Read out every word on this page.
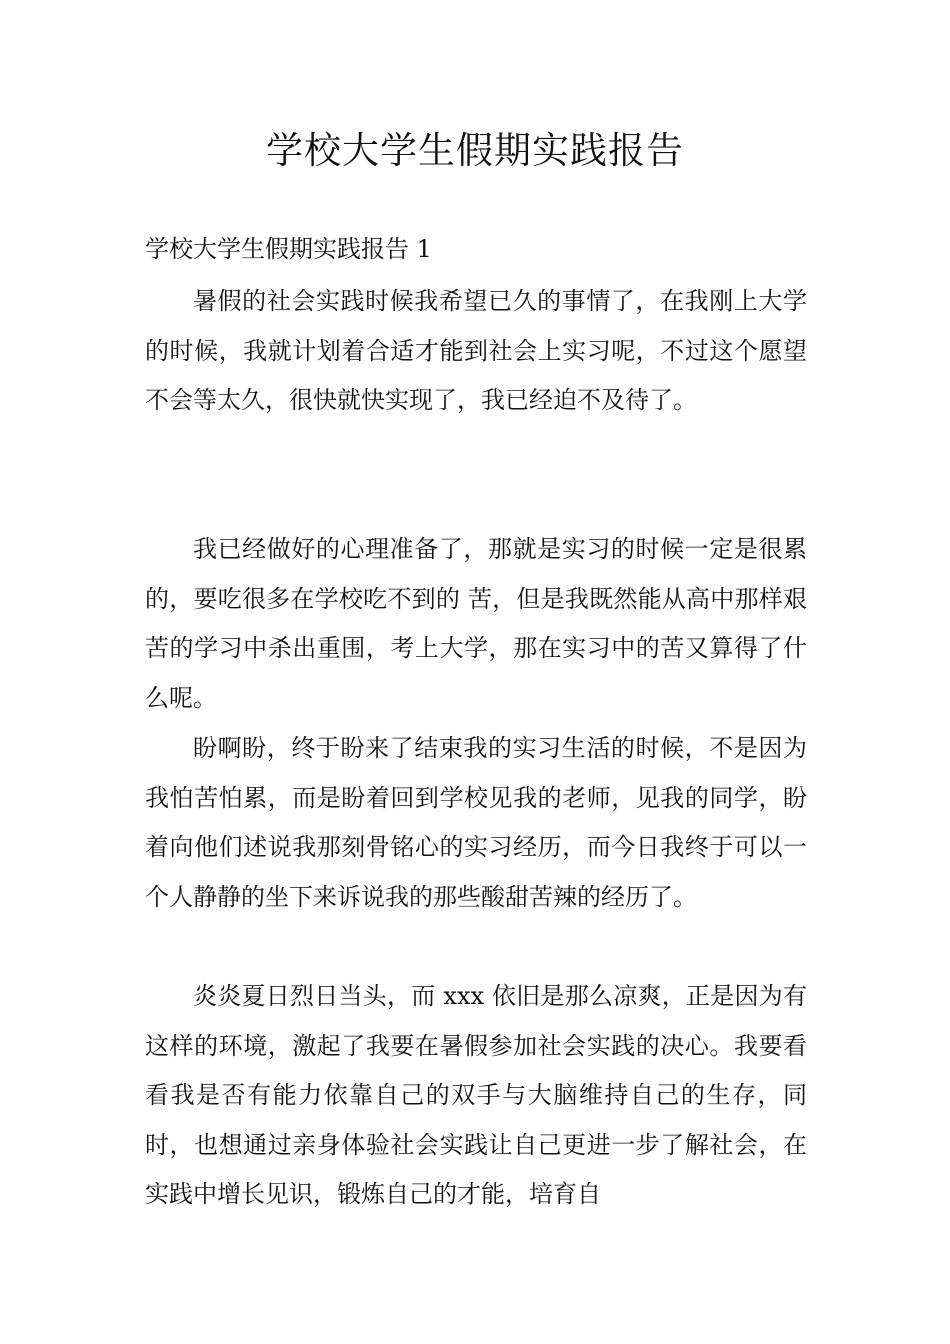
学校大学生假期实践报告

学校大学生假期实践报告 1

暑假的社会实践时候我希望已久的事情了，在我刚上大学的时候，我就计划着合适才能到社会上实习呢，不过这个愿望不会等太久，很快就快实现了，我已经迫不及待了。

我已经做好的心理准备了，那就是实习的时候一定是很累的，要吃很多在学校吃不到的 苦，但是我既然能从高中那样艰苦的学习中杀出重围，考上大学，那在实习中的苦又算得了什么呢。

盼啊盼，终于盼来了结束我的实习生活的时候，不是因为我怕苦怕累，而是盼着回到学校见我的老师，见我的同学，盼着向他们述说我那刻骨铭心的实习经历，而今日我终于可以一个人静静的坐下来诉说我的那些酸甜苦辣的经历了。

炎炎夏日烈日当头，而 xxx 依旧是那么凉爽，正是因为有这样的环境，激起了我要在暑假参加社会实践的决心。我要看看我是否有能力依靠自己的双手与大脑维持自己的生存，同时，也想通过亲身体验社会实践让自己更进一步了解社会，在实践中增长见识，锻炼自己的才能，培育自
